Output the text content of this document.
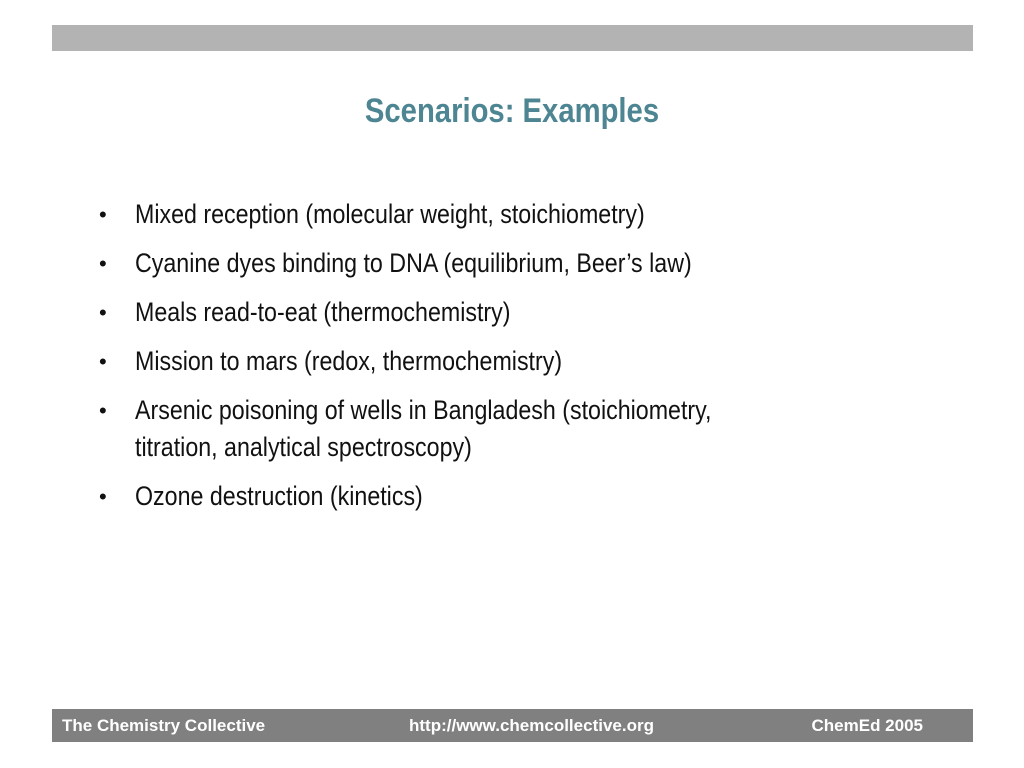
Scenarios: Examples
• Mixed reception (molecular weight, stoichiometry)
• Cyanine dyes binding to DNA (equilibrium, Beer’s law)
• Meals read-to-eat (thermochemistry)
• Mission to mars (redox, thermochemistry)
• Arsenic poisoning of wells in Bangladesh (stoichiometry,
titration, analytical spectroscopy)
• Ozone destruction (kinetics)
The Chemistry Collective	http://www.chemcollective.org	ChemEd 2005
